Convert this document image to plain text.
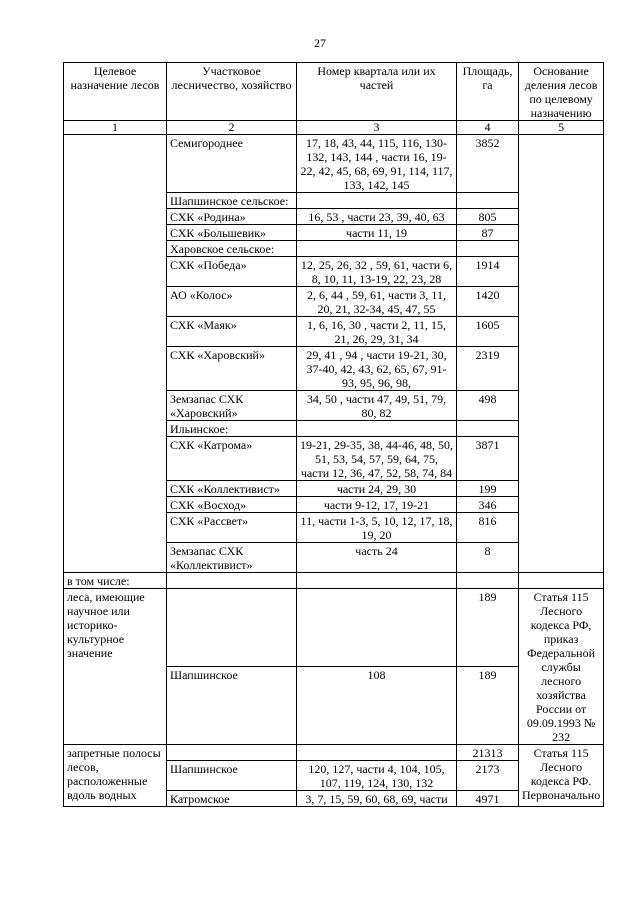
27
Целевое назначение лесов	Участковое лесничество, хозяйство	Номер квартала или их частей	Площадь, га	Основание деления лесов по целевому назначению
1	2	3	4	5
	Семигороднее	17, 18, 43, 44, 115, 116, 130-132, 143, 144 , части 16, 19-22, 42, 45, 68, 69, 91, 114, 117, 133, 142, 145	3852	
	Шапшинское сельское:			
	СХК «Родина»	16, 53 , части 23, 39, 40, 63	805	
	СХК «Большевик»	части 11, 19	87	
	Харовское сельское:			
	СХК «Победа»	12, 25, 26, 32 , 59, 61, части 6, 8, 10, 11, 13-19, 22, 23, 28	1914	
	АО «Колос»	2, 6, 44 , 59, 61, части 3, 11, 20, 21, 32-34, 45, 47, 55	1420	
	СХК «Маяк»	1, 6, 16, 30 , части 2, 11, 15, 21, 26, 29, 31, 34	1605	
	СХК «Харовский»	29, 41 , 94 , части 19-21, 30, 37-40, 42, 43, 62, 65, 67, 91-93, 95, 96, 98,	2319	
	Земзапас СХК «Харовский»	34, 50 , части 47, 49, 51, 79, 80, 82	498	
	Ильинское:			
	СХК «Катрома»	19-21, 29-35, 38, 44-46, 48, 50, 51, 53, 54, 57, 59, 64, 75, части 12, 36, 47, 52, 58, 74, 84	3871	
	СХК «Коллективист»	части 24, 29, 30	199	
	СХК «Восход»	части 9-12, 17, 19-21	346	
	СХК «Рассвет»	11, части 1-3, 5, 10, 12, 17, 18, 19, 20	816	
	Земзапас СХК «Коллективист»	часть 24	8	
в том числе:				
леса, имеющие научное или историко-культурное значение			189	Статья 115 Лесного кодекса РФ, приказ Федеральной службы лесного хозяйства России от 09.09.1993 № 232
	Шапшинское	108	189	
запретные полосы лесов, расположенные вдоль водных			21313	Статья 115 Лесного кодекса РФ. Первоначально
	Шапшинское	120, 127, части 4, 104, 105, 107, 119, 124, 130, 132	2173	
	Катромское	3, 7, 15, 59, 60, 68, 69, части	4971	
